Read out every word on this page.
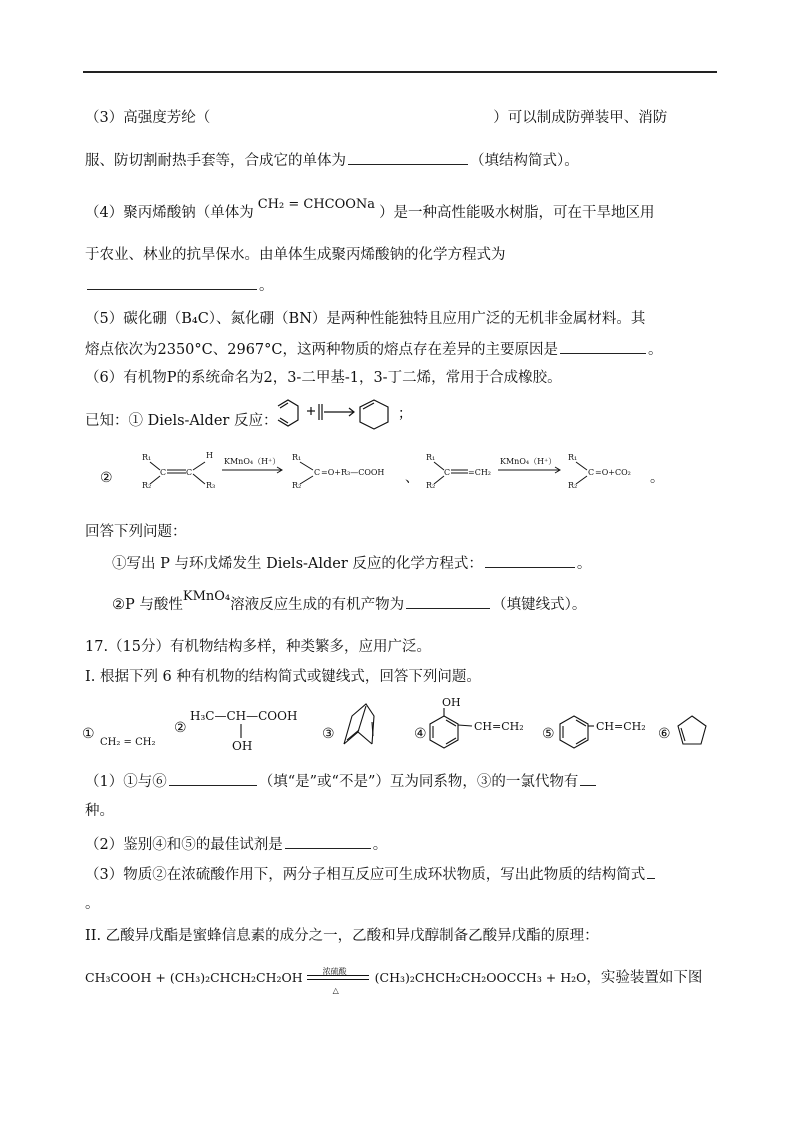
（3）高强度芳纶（	）可以制成防弹装甲、消防
服、防切割耐热手套等，合成它的单体为	（填结构简式）。
（4）聚丙烯酸钠（单体为CH₂ = CHCOONa）是一种高性能吸水树脂，可在干旱地区用
于农业、林业的抗旱保水。由单体生成聚丙烯酸钠的化学方程式为
。
（5）碳化硼（B₄C）、氮化硼（BN）是两种性能独特且应用广泛的无机非金属材料。其
熔点依次为2350°C、2967°C，这两种物质的熔点存在差异的主要原因是	。
（6）有机物P的系统命名为2，3-二甲基-1，3-丁二烯，常用于合成橡胶。
已知：① Diels-Alder 反应：	；
②
R₁
R₂
C C
H
R₃
KMnO₄（H⁺） R₁
R₂
C =O+R₃—COOH 、
R₁
R₂
C =CH₂
KMnO₄（H⁺） R₁
R₂
C =O+CO₂ 。
回答下列问题：
①写出 P 与环戊烯发生 Diels-Alder 反应的化学方程式：	。
②P 与酸性KMnO₄溶液反应生成的有机产物为	（填键线式）。
17.（15分）有机物结构多样，种类繁多，应用广泛。
I. 根据下列 6 种有机物的结构简式或键线式，回答下列问题。
①
CH₂ = CH₂
②
H₃C—CH—COOH
OH
③	④
OH
CH=CH₂ ⑤	CH=CH₂ ⑥
（1）①与⑥	（填“是”或“不是”）互为同系物，③的一氯代物有
种。
（2）鉴别④和⑤的最佳试剂是	。
（3）物质②在浓硫酸作用下，两分子相互反应可生成环状物质，写出此物质的结构简式
。
II. 乙酸异戊酯是蜜蜂信息素的成分之一，乙酸和异戊醇制备乙酸异戊酯的原理：
CH₃COOH + (CH₃)₂CHCH₂CH₂OH 浓硫酸
△
(CH₃)₂CHCH₂CH₂OOCCH₃ + H₂O，实验装置如下图
